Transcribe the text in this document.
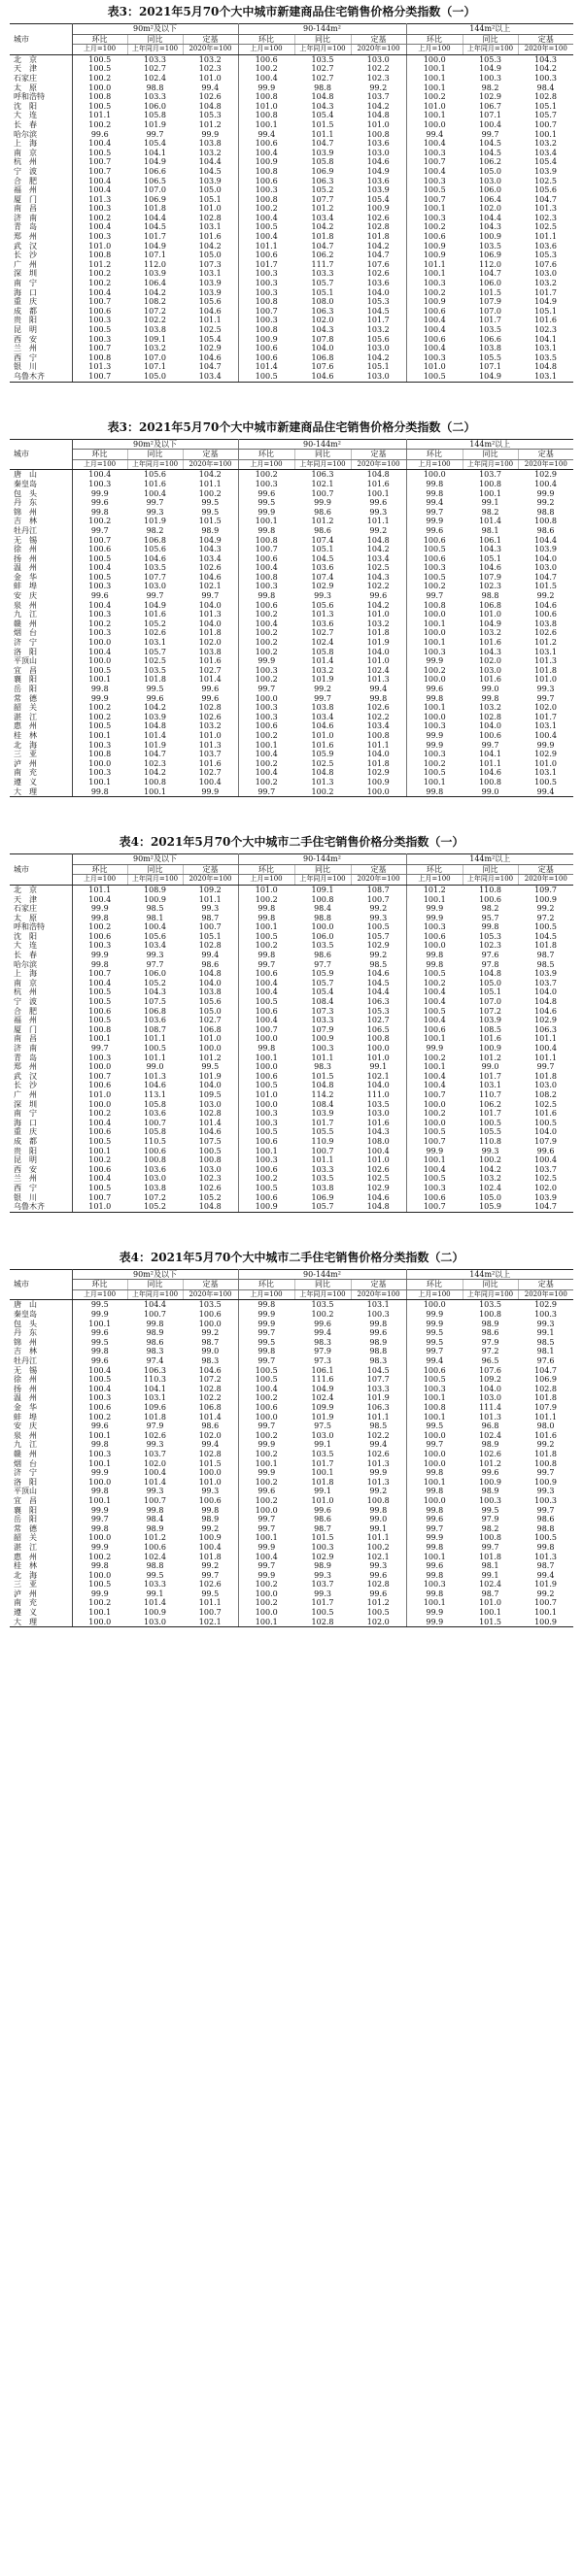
表3：2021年5月70个大中城市新建商品住宅销售价格分类指数（一）
城市	90m²及以下			90-144m²			144m²以上		
	环比	同比	定基	环比	同比	定基	环比	同比	定基
	上月=100	上年同月=100	2020年=100	上月=100	上年同月=100	2020年=100	上月=100	上年同月=100	2020年=100
北　京	100.5	103.3	103.2	100.6	103.5	103.0	100.0	105.3	104.3
天　津	100.5	102.7	102.3	100.2	102.7	102.2	100.1	104.9	104.2
石家庄	100.2	102.4	101.0	100.4	102.7	102.3	100.1	100.3	100.3
太　原	100.0	98.8	99.4	99.9	98.8	99.2	100.1	98.2	98.4
呼和浩特	100.8	103.3	102.6	100.8	104.8	103.7	100.2	102.9	102.8
沈　阳	100.5	106.0	104.8	101.0	104.3	104.2	101.0	106.7	105.1
大　连	101.1	105.8	105.3	100.8	105.4	104.8	100.1	107.1	105.7
长　春	100.2	101.9	101.2	100.1	101.5	101.0	100.0	100.4	100.7
哈尔滨	99.6	99.7	99.9	99.4	101.1	100.8	99.4	99.7	100.1
上　海	100.4	105.4	103.8	100.6	104.7	103.6	100.4	104.5	103.2
南　京	100.5	104.1	103.2	100.4	103.9	103.0	100.3	104.5	103.4
杭　州	100.7	104.9	104.4	100.9	105.8	104.6	100.7	106.2	105.4
宁　波	100.7	106.6	104.5	100.8	106.9	104.9	100.4	105.0	103.9
合　肥	100.4	106.5	103.9	100.6	106.3	103.6	100.3	103.0	102.5
福　州	100.4	107.0	105.0	100.3	105.2	103.9	100.5	106.0	105.6
厦　门	101.3	106.9	105.1	100.8	107.7	105.4	100.7	106.4	104.7
南　昌	100.3	101.8	101.0	100.2	101.2	100.9	100.1	102.0	101.3
济　南	100.2	104.4	102.8	100.4	103.4	102.6	100.3	104.4	102.3
青　岛	100.4	104.5	103.1	100.5	104.2	102.8	100.2	104.3	102.5
郑　州	100.3	101.7	101.6	100.4	101.8	101.8	100.6	100.9	101.1
武　汉	101.0	104.9	104.2	101.1	104.7	104.2	100.9	103.5	103.6
长　沙	100.8	107.1	105.0	100.6	106.2	104.7	100.9	106.9	105.3
广　州	101.2	112.0	107.3	101.7	111.7	107.6	101.1	112.0	107.6
深　圳	100.2	103.9	103.1	100.3	103.3	102.6	100.1	104.7	103.0
南　宁	100.2	106.4	103.9	100.3	105.7	103.6	100.3	106.0	103.2
海　口	100.4	104.2	103.9	100.3	105.1	104.0	100.2	101.5	101.7
重　庆	100.7	108.2	105.6	100.8	108.0	105.3	100.9	107.9	104.9
成　都	100.6	107.2	104.6	100.7	106.3	104.5	100.6	107.0	105.1
贵　阳	100.3	102.2	101.1	100.3	102.0	101.7	100.4	101.7	101.6
昆　明	100.5	103.8	102.5	100.8	104.3	103.2	100.4	103.5	102.3
西　安	100.3	109.1	105.4	100.9	107.8	105.6	100.6	106.6	104.1
兰　州	100.7	103.2	102.9	100.6	104.0	103.0	100.4	103.8	103.1
西　宁	100.8	107.0	104.6	100.6	106.8	104.2	100.3	105.5	103.5
银　川	101.3	107.1	104.7	101.4	107.6	105.1	101.0	107.1	104.8
乌鲁木齐	100.7	105.0	103.4	100.5	104.6	103.0	100.5	104.9	103.1
表3：2021年5月70个大中城市新建商品住宅销售价格分类指数（二）
城市	90m²及以下			90-144m²			144m²以上		
	环比	同比	定基	环比	同比	定基	环比	同比	定基
	上月=100	上年同月=100	2020年=100	上月=100	上年同月=100	2020年=100	上月=100	上年同月=100	2020年=100
唐　山	100.4	105.6	104.2	100.2	106.3	104.8	100.0	103.7	102.9
秦皇岛	100.3	101.6	101.1	100.3	102.1	101.6	99.8	100.8	100.4
包　头	99.9	100.4	100.2	99.6	100.7	100.1	99.8	100.1	99.9
丹　东	99.6	99.7	99.5	99.5	99.9	99.6	99.4	99.1	99.2
锦　州	99.8	99.3	99.5	99.9	98.6	99.3	99.7	98.2	98.8
吉　林	100.2	101.9	101.5	100.1	101.2	101.1	99.9	101.4	100.8
牡丹江	99.7	98.2	98.9	99.8	98.6	99.2	99.6	98.1	98.6
无　锡	100.7	106.8	104.9	100.8	107.4	104.8	100.6	106.1	104.4
徐　州	100.6	105.6	104.3	100.7	105.1	104.2	100.5	104.3	103.9
扬　州	100.5	104.6	103.4	100.6	104.5	103.4	100.6	105.1	104.0
温　州	100.4	103.5	102.6	100.4	103.6	102.5	100.3	104.6	103.0
金　华	100.5	107.7	104.6	100.8	107.4	104.3	100.5	107.9	104.7
蚌　埠	100.3	103.0	102.1	100.3	102.9	102.2	100.2	102.3	101.5
安　庆	99.6	99.7	99.7	99.8	99.3	99.6	99.7	98.8	99.2
泉　州	100.4	104.9	104.0	100.6	105.6	104.2	100.8	106.8	104.6
九　江	100.3	101.6	101.3	100.2	101.3	101.0	100.0	101.0	100.6
赣　州	100.2	105.2	104.0	100.4	103.6	103.2	100.1	104.9	103.8
烟　台	100.3	102.6	101.8	100.2	102.7	101.8	100.0	103.2	102.6
济　宁	100.0	103.1	102.0	100.2	102.4	101.9	100.1	101.6	101.2
洛　阳	100.4	105.7	103.8	100.2	105.8	104.0	100.3	104.3	103.1
平顶山	100.0	102.5	101.6	99.9	101.4	101.0	99.9	102.0	101.3
宜　昌	100.5	103.5	102.7	100.3	103.2	102.4	100.2	103.0	101.8
襄　阳	100.1	101.8	101.4	100.2	101.9	101.3	100.0	101.6	101.0
岳　阳	99.8	99.5	99.6	99.7	99.2	99.4	99.6	99.0	99.3
常　德	99.9	99.6	99.6	100.0	99.7	99.8	99.8	99.8	99.7
韶　关	100.2	104.2	102.8	100.3	103.8	102.6	100.1	103.2	102.0
湛　江	100.2	103.9	102.6	100.3	103.4	102.2	100.0	102.8	101.7
惠　州	100.5	104.8	103.2	100.6	104.6	103.4	100.3	104.0	103.1
桂　林	100.1	101.4	101.0	100.2	101.0	100.8	99.9	100.6	100.4
北　海	100.3	101.9	101.3	100.1	101.6	101.1	99.9	99.7	99.9
三　亚	100.8	104.7	103.7	100.4	105.9	104.0	100.3	104.1	102.9
泸　州	100.0	102.3	101.6	100.2	102.5	101.8	100.2	101.1	101.0
南　充	100.3	104.2	102.7	100.4	104.8	102.9	100.5	104.6	103.1
遵　义	100.1	100.8	100.4	100.2	101.3	100.9	100.1	100.8	100.5
大　理	99.8	100.1	99.9	99.7	100.2	100.0	99.8	99.0	99.4
表4：2021年5月70个大中城市二手住宅销售价格分类指数（一）
城市	90m²及以下			90-144m²			144m²以上		
	环比	同比	定基	环比	同比	定基	环比	同比	定基
	上月=100	上年同月=100	2020年=100	上月=100	上年同月=100	2020年=100	上月=100	上年同月=100	2020年=100
北　京	101.1	108.9	109.2	101.0	109.1	108.7	101.2	110.8	109.7
天　津	100.4	100.9	101.1	100.2	100.8	100.7	100.1	100.6	100.9
石家庄	99.9	98.5	99.3	99.8	98.4	99.2	99.9	98.2	99.2
太　原	99.8	98.1	98.7	99.8	98.8	99.3	99.9	95.7	97.2
呼和浩特	100.2	100.4	100.7	100.1	100.0	100.5	100.3	99.8	100.5
沈　阳	100.6	105.6	105.1	100.5	106.0	105.7	100.6	105.3	104.5
大　连	100.3	103.4	102.8	100.2	103.5	102.9	100.0	102.3	101.8
长　春	99.9	99.3	99.4	99.8	98.6	99.2	99.8	97.6	98.7
哈尔滨	99.8	97.7	98.6	99.7	97.7	98.5	99.8	97.8	98.5
上　海	100.7	106.0	104.8	100.6	105.9	104.6	100.5	104.8	103.9
南　京	100.4	105.2	104.0	100.4	105.7	104.5	100.2	105.0	103.7
杭　州	100.5	104.3	103.8	100.4	105.4	104.4	100.4	105.1	104.0
宁　波	100.5	107.5	105.6	100.5	108.4	106.3	100.4	107.0	104.8
合　肥	100.6	106.8	105.0	100.6	107.3	105.3	100.5	107.2	104.6
福　州	100.5	103.6	102.7	100.4	103.3	102.7	100.4	103.9	102.9
厦　门	100.8	108.7	106.8	100.7	107.9	106.5	100.6	108.5	106.3
南　昌	100.1	101.1	101.0	100.0	100.9	100.8	100.1	101.6	101.1
济　南	99.7	100.5	100.0	99.8	100.3	100.0	99.9	100.9	100.4
青　岛	100.3	101.1	101.2	100.1	101.1	101.0	100.2	101.2	101.1
郑　州	100.0	99.0	99.5	100.0	98.3	99.1	100.1	99.0	99.7
武　汉	100.7	101.3	101.9	100.6	101.5	102.1	100.4	101.7	101.8
长　沙	100.6	104.6	104.0	100.5	104.8	104.0	100.4	103.1	103.0
广　州	101.0	113.1	109.5	101.0	114.2	111.0	100.7	110.7	108.2
深　圳	100.0	105.8	103.0	100.0	108.4	103.5	100.0	106.2	102.5
南　宁	100.2	103.6	102.8	100.3	103.9	103.0	100.2	101.7	101.6
海　口	100.4	100.7	101.4	100.3	101.7	101.6	100.0	100.5	100.5
重　庆	100.6	105.8	104.6	100.5	105.5	104.3	100.5	105.5	104.0
成　都	100.5	110.5	107.5	100.6	110.9	108.0	100.7	110.8	107.9
贵　阳	100.1	100.6	100.5	100.1	100.7	100.4	99.9	99.3	99.6
昆　明	100.2	100.8	100.8	100.3	101.1	101.0	100.1	100.2	100.4
西　安	100.6	103.6	103.0	100.6	103.3	102.6	100.4	104.2	103.7
兰　州	100.4	103.0	102.3	100.2	103.5	102.5	100.5	103.2	102.5
西　宁	100.5	103.8	102.6	100.5	103.8	102.9	100.3	102.4	102.0
银　川	100.7	107.2	105.2	100.6	106.9	104.6	100.6	105.0	103.9
乌鲁木齐	101.0	105.2	104.8	100.9	105.7	104.8	100.7	105.9	104.7
表4：2021年5月70个大中城市二手住宅销售价格分类指数（二）
城市	90m²及以下			90-144m²			144m²以上		
	环比	同比	定基	环比	同比	定基	环比	同比	定基
	上月=100	上年同月=100	2020年=100	上月=100	上年同月=100	2020年=100	上月=100	上年同月=100	2020年=100
唐　山	99.5	104.4	103.5	99.8	103.5	103.1	100.0	103.5	102.9
秦皇岛	99.9	100.7	100.6	99.9	100.2	100.3	99.9	100.8	100.3
包　头	100.1	99.8	100.0	99.9	99.6	99.8	99.9	98.9	99.3
丹　东	99.6	98.9	99.2	99.7	99.4	99.6	99.5	98.6	99.1
锦　州	99.5	98.6	98.7	99.5	98.3	98.9	99.5	97.9	98.5
吉　林	99.8	98.3	99.0	99.8	97.9	98.8	99.7	97.2	98.1
牡丹江	99.6	97.4	98.3	99.7	97.3	98.3	99.4	96.5	97.6
无　锡	100.4	106.3	104.6	100.5	106.1	104.5	100.6	107.6	104.7
徐　州	100.5	110.3	107.2	100.5	111.6	107.7	100.5	109.2	106.9
扬　州	100.4	104.1	102.8	100.4	104.9	103.3	100.3	104.0	102.8
温　州	100.3	103.1	102.2	100.2	102.4	101.9	100.1	103.0	101.8
金　华	100.6	109.6	106.8	100.6	109.9	106.3	100.8	111.4	107.9
蚌　埠	100.2	101.8	101.4	100.0	101.9	101.1	100.1	101.3	101.1
安　庆	99.6	97.9	98.6	99.7	97.5	98.5	99.5	96.8	98.0
泉　州	100.1	102.6	102.0	100.2	103.0	102.2	100.0	102.4	101.6
九　江	99.8	99.3	99.4	99.9	99.1	99.4	99.7	98.9	99.2
赣　州	100.3	103.7	102.8	100.2	103.5	102.6	100.0	102.6	101.8
烟　台	100.1	102.0	101.5	100.1	101.7	101.3	100.0	101.2	100.8
济　宁	99.9	100.4	100.0	99.9	100.1	99.9	99.8	99.6	99.7
洛　阳	100.0	101.4	101.0	100.2	101.8	101.3	100.1	100.9	100.9
平顶山	99.8	99.3	99.3	99.6	99.1	99.2	99.8	98.9	99.3
宜　昌	100.1	100.7	100.6	100.2	101.0	100.8	100.0	100.3	100.3
襄　阳	99.9	99.8	99.8	100.0	99.6	99.8	99.8	99.5	99.7
岳　阳	99.7	98.4	98.9	99.7	98.6	99.0	99.6	97.9	98.6
常　德	99.8	98.9	99.2	99.7	98.7	99.1	99.7	98.2	98.8
韶　关	100.0	101.2	100.9	100.1	101.5	101.1	99.9	100.8	100.5
湛　江	99.9	100.6	100.4	99.9	100.3	100.2	99.8	99.7	99.8
惠　州	100.2	102.4	101.8	100.4	102.9	102.1	100.1	101.8	101.3
桂　林	99.8	98.8	99.2	99.7	98.9	99.3	99.6	98.1	98.7
北　海	100.0	99.5	99.7	99.9	99.3	99.6	99.8	99.1	99.4
三　亚	100.5	103.3	102.6	100.2	103.7	102.8	100.3	102.4	101.9
泸　州	99.9	99.1	99.5	100.0	99.3	99.6	99.8	98.7	99.2
南　充	100.2	101.4	101.1	100.2	101.7	101.2	100.1	101.0	100.7
遵　义	100.1	100.9	100.7	100.0	100.5	100.5	99.9	100.1	100.1
大　理	100.0	103.0	102.1	100.1	102.8	102.0	99.9	101.5	100.9
